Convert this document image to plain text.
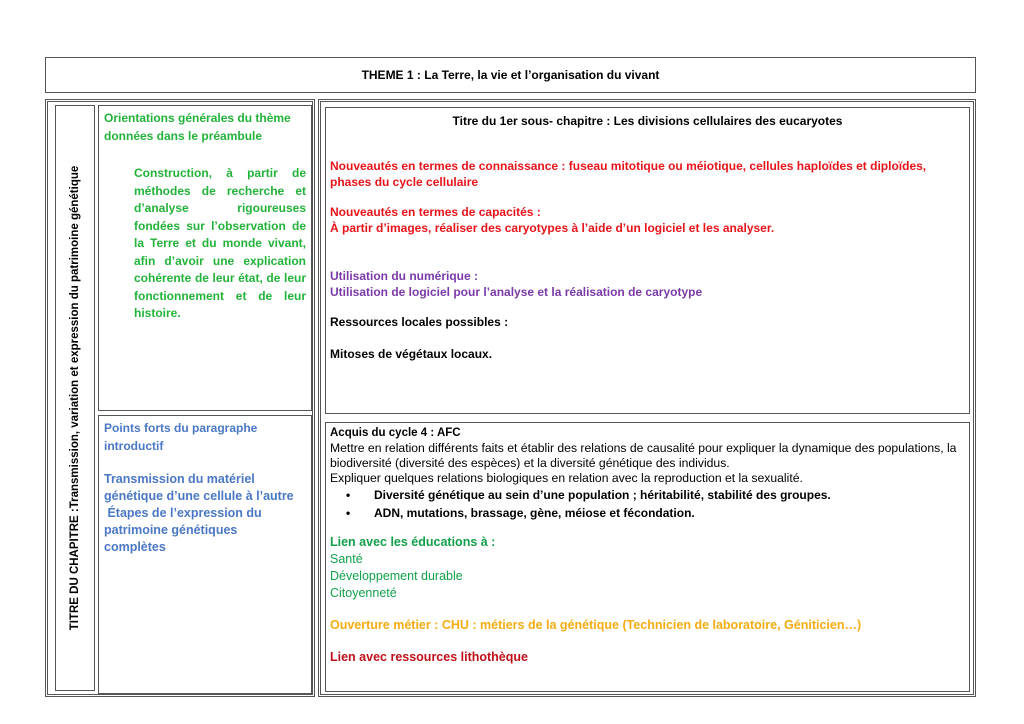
THEME 1 : La Terre, la vie et l’organisation du vivant
TITRE DU CHAPITRE :Transmission, variation et expression du patrimoine génétique
Orientations générales du thème
données dans le préambule
Construction, à partir de méthodes de recherche et d’analyse rigoureuses fondées sur l’observation de la Terre et du monde vivant, afin d’avoir une explication cohérente de leur état, de leur fonctionnement et de leur histoire.
Points forts du paragraphe
introductif
Transmission du matériel
génétique d’une cellule à l’autre
Étapes de l’expression du
patrimoine génétiques
complètes
Titre du 1er sous- chapitre : Les divisions cellulaires des eucaryotes
Nouveautés en termes de connaissance : fuseau mitotique ou méiotique, cellules haploïdes et diploïdes, phases du cycle cellulaire
Nouveautés en termes de capacités :
À partir d’images, réaliser des caryotypes à l’aide d’un logiciel et les analyser.
Utilisation du numérique :
Utilisation de logiciel pour l’analyse et la réalisation de caryotype
Ressources locales possibles :
Mitoses de végétaux locaux.
Acquis du cycle 4 : AFC
Mettre en relation différents faits et établir des relations de causalité pour expliquer la dynamique des populations, la biodiversité (diversité des espèces) et la diversité génétique des individus.
Expliquer quelques relations biologiques en relation avec la reproduction et la sexualité.
• Diversité génétique au sein d’une population ; héritabilité, stabilité des groupes.
• ADN, mutations, brassage, gène, méiose et fécondation.
Lien avec les éducations à :
Santé
Développement durable
Citoyenneté
Ouverture métier : CHU : métiers de la génétique (Technicien de laboratoire, Géniticien…)
Lien avec ressources lithothèque
